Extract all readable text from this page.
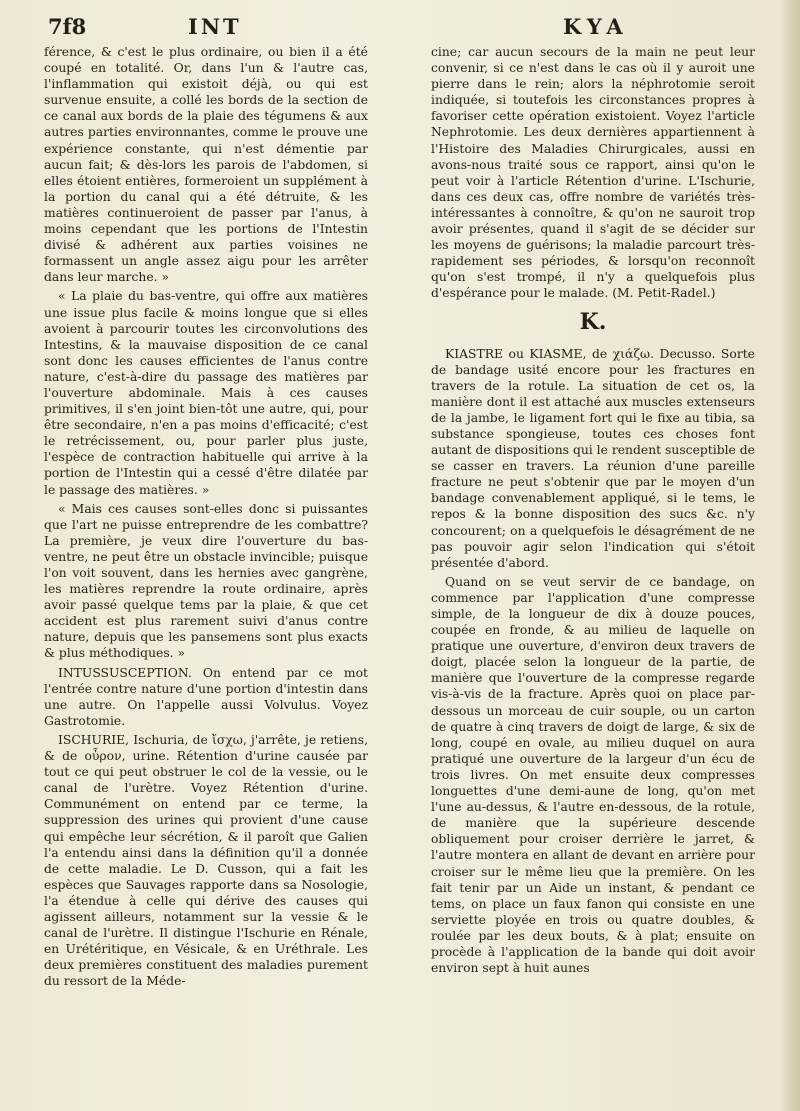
7f8	INT	KYA

férence, & c'est le plus ordinaire, ou bien il a été coupé en totalité. Or, dans l'un & l'autre cas, l'inflammation qui existoit déjà, ou qui est survenue ensuite, a collé les bords de la section de ce canal aux bords de la plaie des tégumens & aux autres parties environnantes, comme le prouve une expérience constante, qui n'est démentie par aucun fait; & dès-lors les parois de l'abdomen, si elles étoient entières, formeroient un supplément à la portion du canal qui a été détruite, & les matières continueroient de passer par l'anus, à moins cependant que les portions de l'Intestin divisé & adhérent aux parties voisines ne formassent un angle assez aigu pour les arrêter dans leur marche. »

« La plaie du bas-ventre, qui offre aux matières une issue plus facile & moins longue que si elles avoient à parcourir toutes les circonvolutions des Intestins, & la mauvaise disposition de ce canal sont donc les causes efficientes de l'anus contre nature, c'est-à-dire du passage des matières par l'ouverture abdominale. Mais à ces causes primitives, il s'en joint bien-tôt une autre, qui, pour être secondaire, n'en a pas moins d'efficacité; c'est le retrécissement, ou, pour parler plus juste, l'espèce de contraction habituelle qui arrive à la portion de l'Intestin qui a cessé d'être dilatée par le passage des matières. »

« Mais ces causes sont-elles donc si puissantes que l'art ne puisse entreprendre de les combattre? La première, je veux dire l'ouverture du bas-ventre, ne peut être un obstacle invincible; puisque l'on voit souvent, dans les hernies avec gangrène, les matières reprendre la route ordinaire, après avoir passé quelque tems par la plaie, & que cet accident est plus rarement suivi d'anus contre nature, depuis que les pansemens sont plus exacts & plus méthodiques. »

INTUSSUSCEPTION. On entend par ce mot l'entrée contre nature d'une portion d'intestin dans une autre. On l'appelle aussi Volvulus. Voyez Gastrotomie.

ISCHURIE, Ischuria, de ἴσχω, j'arrête, je retiens, & de οὖρον, urine. Rétention d'urine causée par tout ce qui peut obstruer le col de la vessie, ou le canal de l'urètre. Voyez Rétention d'urine. Communément on entend par ce terme, la suppression des urines qui provient d'une cause qui empêche leur sécrétion, & il paroît que Galien l'a entendu ainsi dans la définition qu'il a donnée de cette maladie. Le D. Cusson, qui a fait les espèces que Sauvages rapporte dans sa Nosologie, l'a étendue à celle qui dérive des causes qui agissent ailleurs, notamment sur la vessie & le canal de l'urètre. Il distingue l'Ischurie en Rénale, en Urétéritique, en Vésicale, & en Uréthrale. Les deux premières constituent des maladies purement du ressort de la Méde-

cine; car aucun secours de la main ne peut leur convenir, si ce n'est dans le cas où il y auroit une pierre dans le rein; alors la néphrotomie seroit indiquée, si toutefois les circonstances propres à favoriser cette opération existoient. Voyez l'article Nephrotomie. Les deux dernières appartiennent à l'Histoire des Maladies Chirurgicales, aussi en avons-nous traité sous ce rapport, ainsi qu'on le peut voir à l'article Rétention d'urine. L'Ischurie, dans ces deux cas, offre nombre de variétés très-intéressantes à connoître, & qu'on ne sauroit trop avoir présentes, quand il s'agit de se décider sur les moyens de guérisons; la maladie parcourt très-rapidement ses périodes, & lorsqu'on reconnoît qu'on s'est trompé, il n'y a quelquefois plus d'espérance pour le malade. (M. Petit-Radel.)

K.

KIASTRE ou KIASME, de χιάζω. Decusso. Sorte de bandage usité encore pour les fractures en travers de la rotule. La situation de cet os, la manière dont il est attaché aux muscles extenseurs de la jambe, le ligament fort qui le fixe au tibia, sa substance spongieuse, toutes ces choses font autant de dispositions qui le rendent susceptible de se casser en travers. La réunion d'une pareille fracture ne peut s'obtenir que par le moyen d'un bandage convenablement appliqué, si le tems, le repos & la bonne disposition des sucs &c. n'y concourent; on a quelquefois le désagrément de ne pas pouvoir agir selon l'indication qui s'étoit présentée d'abord.

Quand on se veut servir de ce bandage, on commence par l'application d'une compresse simple, de la longueur de dix à douze pouces, coupée en fronde, & au milieu de laquelle on pratique une ouverture, d'environ deux travers de doigt, placée selon la longueur de la partie, de manière que l'ouverture de la compresse regarde vis-à-vis de la fracture. Après quoi on place par-dessous un morceau de cuir souple, ou un carton de quatre à cinq travers de doigt de large, & six de long, coupé en ovale, au milieu duquel on aura pratiqué une ouverture de la largeur d'un écu de trois livres. On met ensuite deux compresses longuettes d'une demi-aune de long, qu'on met l'une au-dessus, & l'autre en-dessous, de la rotule, de manière que la supérieure descende obliquement pour croiser derrière le jarret, & l'autre montera en allant de devant en arrière pour croiser sur le même lieu que la première. On les fait tenir par un Aide un instant, & pendant ce tems, on place un faux fanon qui consiste en une serviette ployée en trois ou quatre doubles, & roulée par les deux bouts, & à plat; ensuite on procède à l'application de la bande qui doit avoir environ sept à huit aunes
